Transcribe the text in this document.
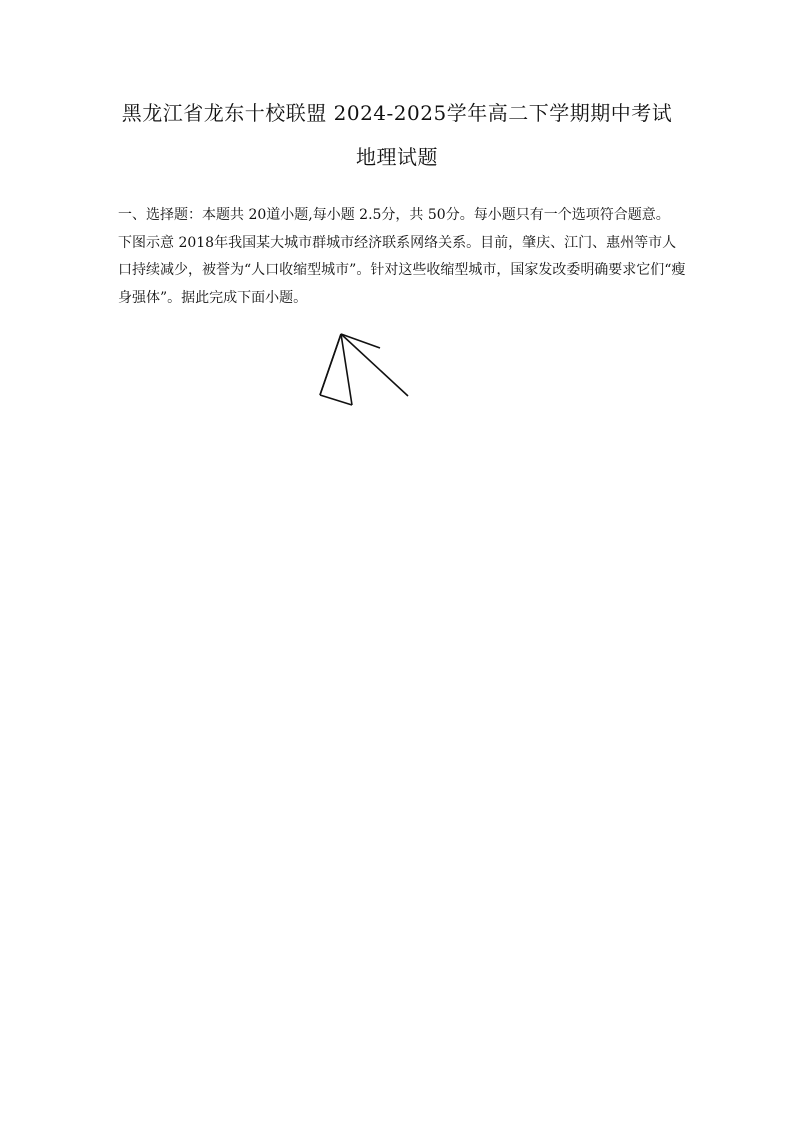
黑龙江省龙东十校联盟 2024-2025学年高二下学期期中考试
地理试题
一、选择题：本题共 20道小题,每小题 2.5分，共 50分。每小题只有一个选项符合题意。
下图示意 2018年我国某大城市群城市经济联系网络关系。目前，肇庆、江门、惠州等市人
口持续减少，被誉为“人口收缩型城市”。针对这些收缩型城市，国家发改委明确要求它们“瘦
身强体”。据此完成下面小题。
